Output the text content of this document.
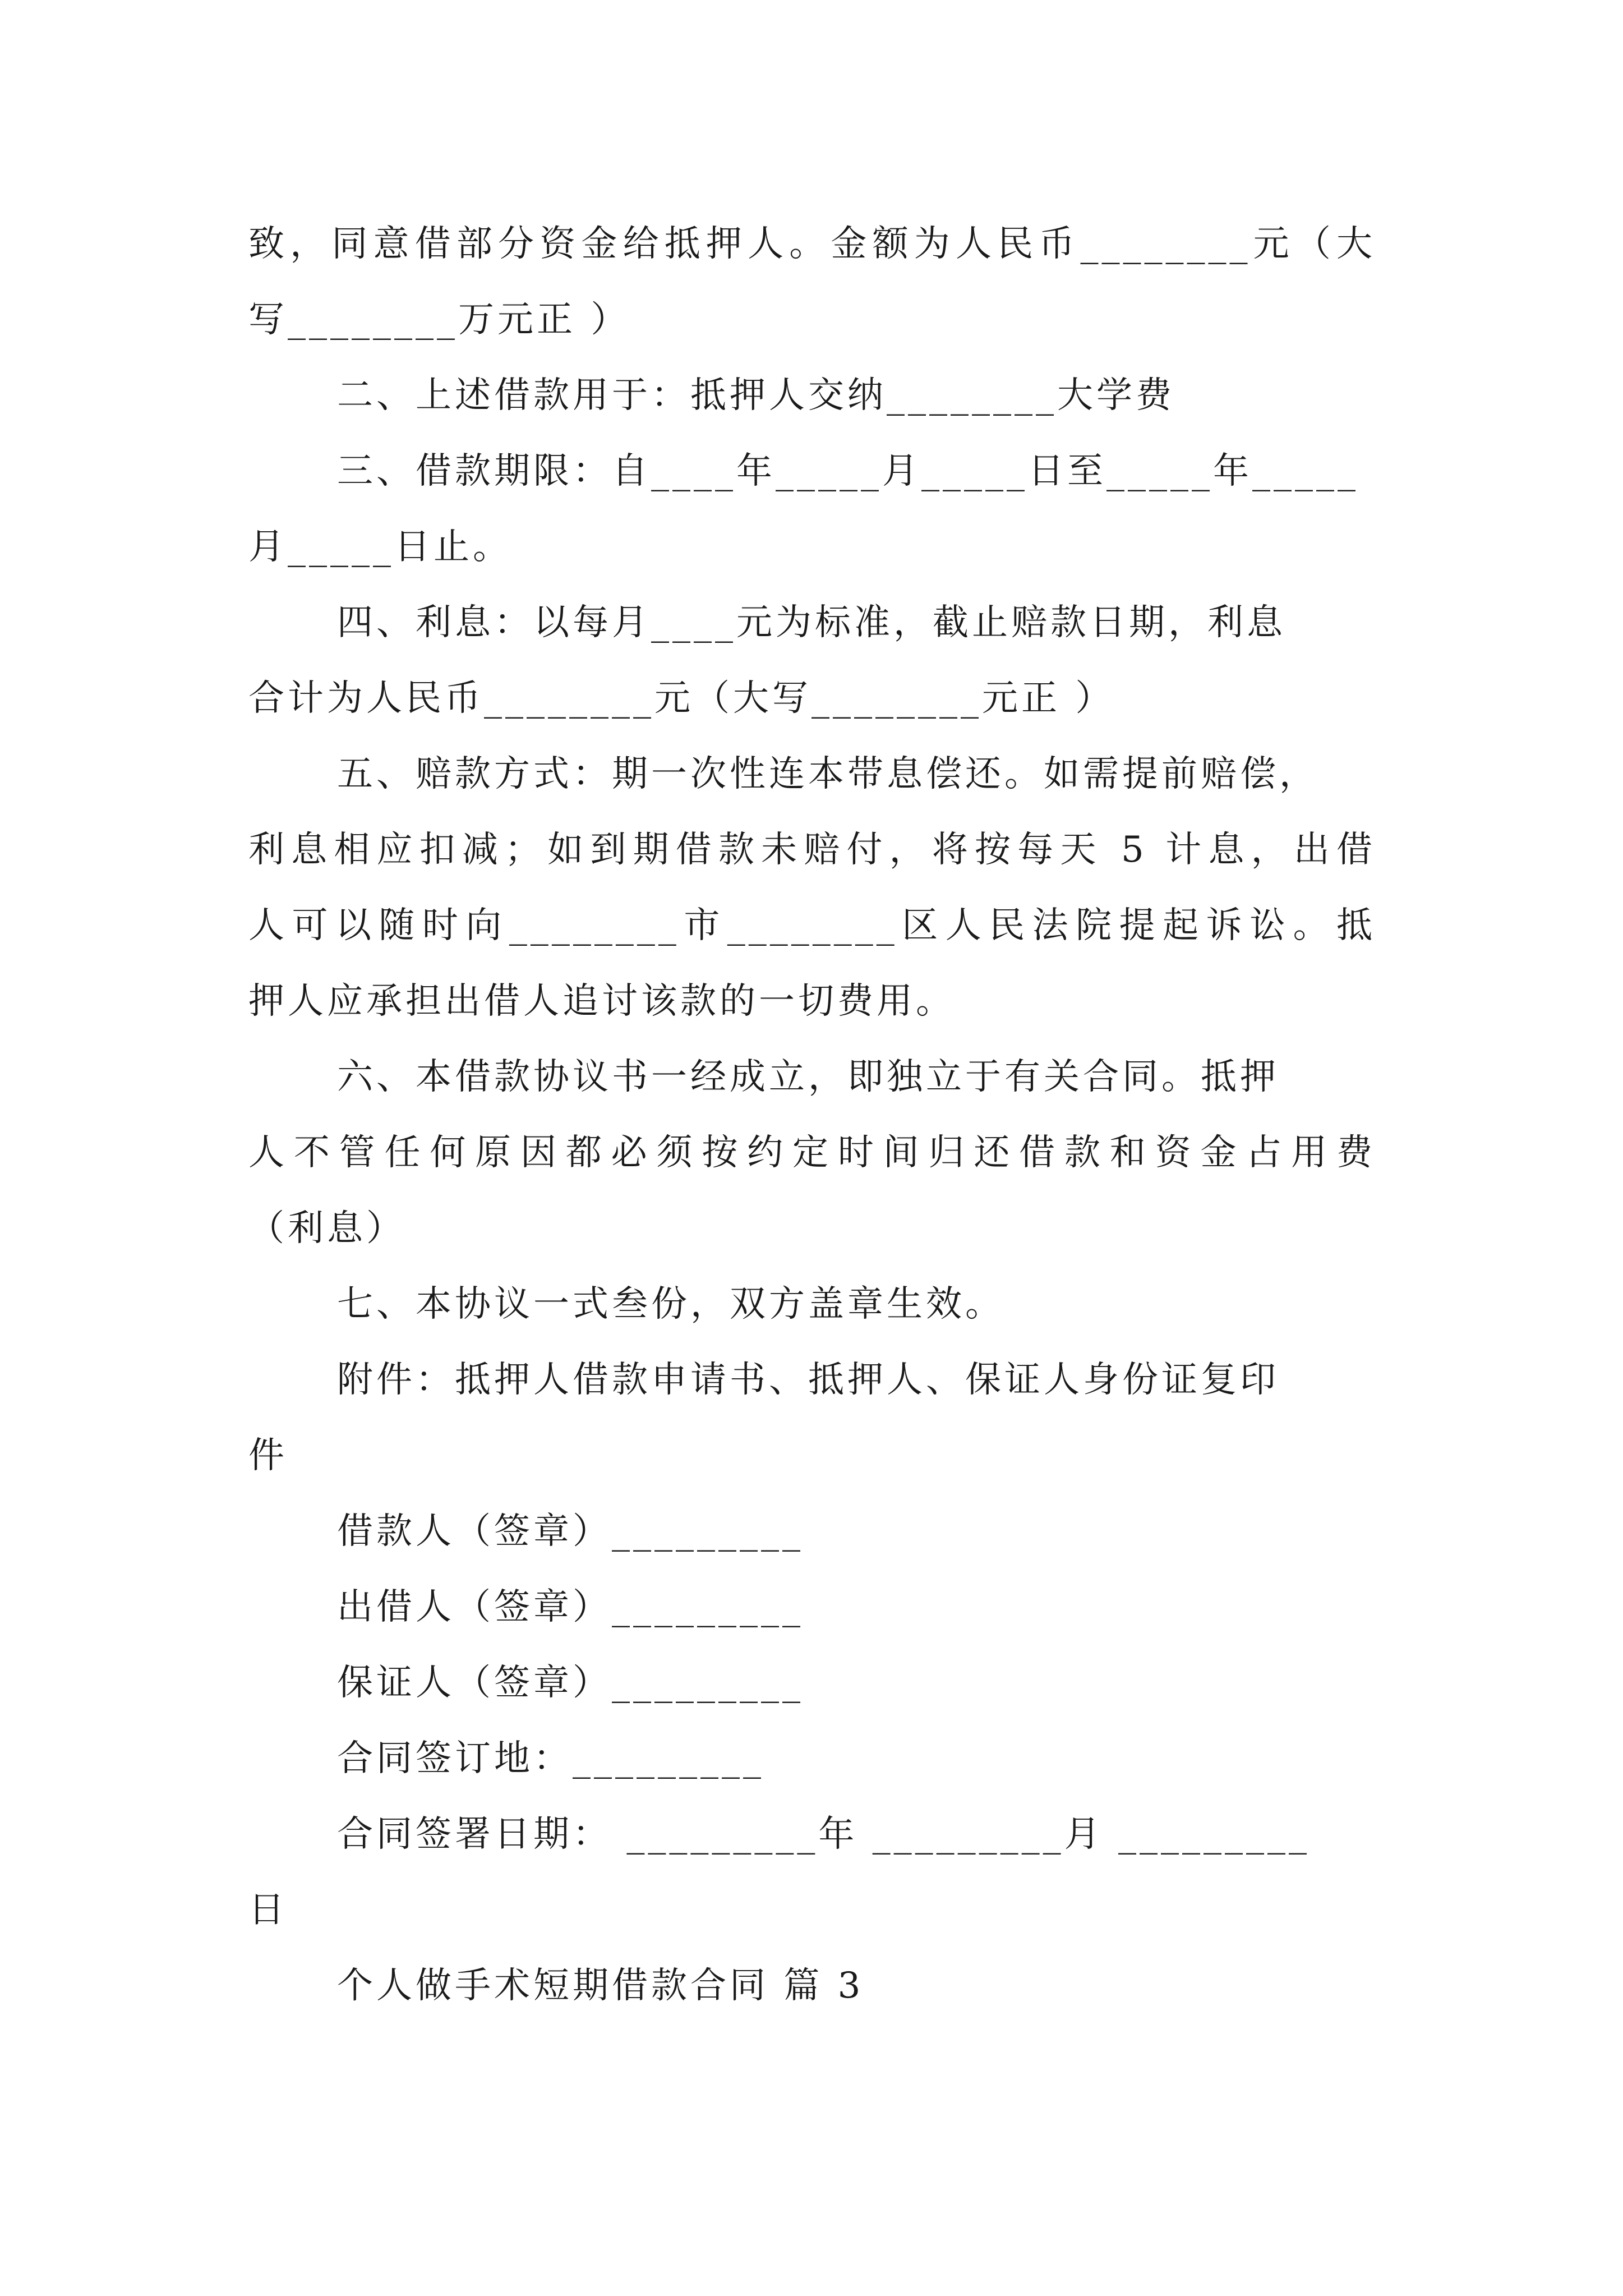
致，同意借部分资金给抵押人。金额为人民币________元（大
写________万元正 ）
二、上述借款用于：抵押人交纳________大学费
三、借款期限：自____年_____月_____日至_____年_____
月_____日止。
四、利息：以每月____元为标准，截止赔款日期，利息
合计为人民币________元（大写________元正 ）
五、赔款方式：期一次性连本带息偿还。如需提前赔偿，
利息相应扣减；如到期借款未赔付，将按每天 5 计息，出借
人可以随时向________市________区人民法院提起诉讼。抵
押人应承担出借人追讨该款的一切费用。
六、本借款协议书一经成立，即独立于有关合同。抵押
人不管任何原因都必须按约定时间归还借款和资金占用费
（利息）
七、本协议一式叁份，双方盖章生效。
附件：抵押人借款申请书、抵押人、保证人身份证复印
件
借款人（签章）_________
出借人（签章）_________
保证人（签章）_________
合同签订地：_________
合同签署日期： _________年 _________月 _________
日
个人做手术短期借款合同 篇 3
